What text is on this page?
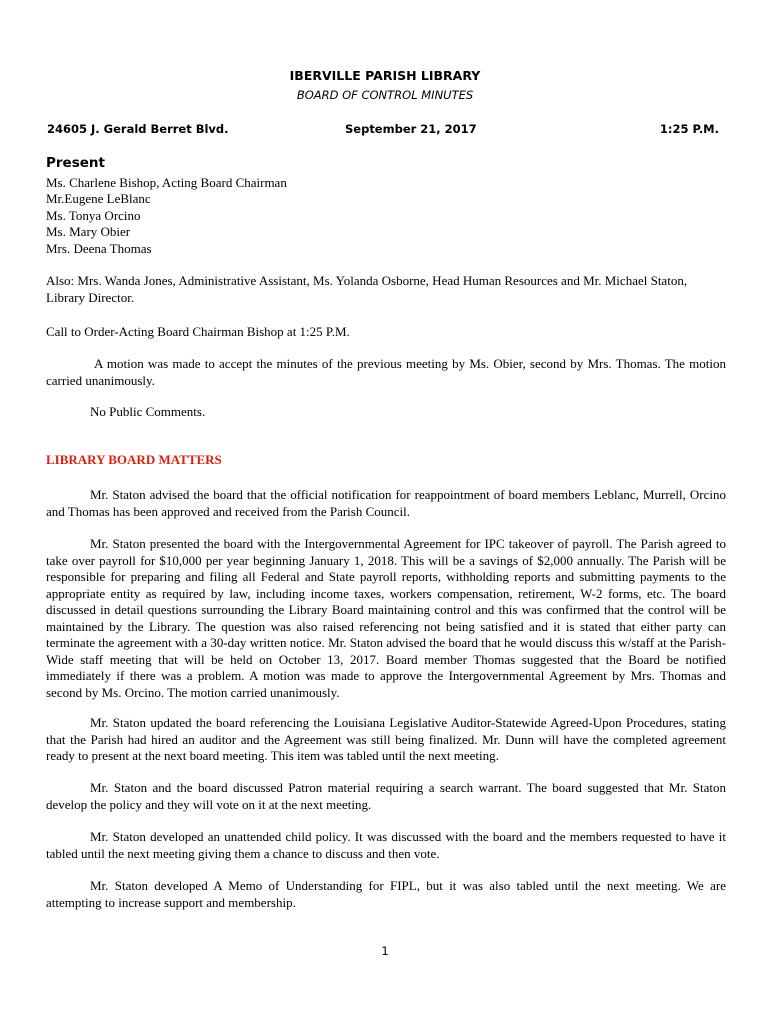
IBERVILLE PARISH LIBRARY
BOARD OF CONTROL MINUTES
24605 J. Gerald Berret Blvd.	September 21, 2017	1:25 P.M.
Present
Ms. Charlene Bishop, Acting Board Chairman
Mr.Eugene LeBlanc
Ms. Tonya Orcino
Ms. Mary Obier
Mrs. Deena Thomas

Also: Mrs. Wanda Jones, Administrative Assistant, Ms. Yolanda Osborne, Head Human Resources and Mr. Michael Staton, Library Director.

Call to Order-Acting Board Chairman Bishop at 1:25 P.M.

A motion was made to accept the minutes of the previous meeting by Ms. Obier, second by Mrs. Thomas. The motion carried unanimously.

No Public Comments.

LIBRARY BOARD MATTERS

Mr. Staton advised the board that the official notification for reappointment of board members Leblanc, Murrell, Orcino and Thomas has been approved and received from the Parish Council.

Mr. Staton presented the board with the Intergovernmental Agreement for IPC takeover of payroll. The Parish agreed to take over payroll for $10,000 per year beginning January 1, 2018. This will be a savings of $2,000 annually. The Parish will be responsible for preparing and filing all Federal and State payroll reports, withholding reports and submitting payments to the appropriate entity as required by law, including income taxes, workers compensation, retirement, W-2 forms, etc. The board discussed in detail questions surrounding the Library Board maintaining control and this was confirmed that the control will be maintained by the Library. The question was also raised referencing not being satisfied and it is stated that either party can terminate the agreement with a 30-day written notice. Mr. Staton advised the board that he would discuss this w/staff at the Parish-Wide staff meeting that will be held on October 13, 2017. Board member Thomas suggested that the Board be notified immediately if there was a problem. A motion was made to approve the Intergovernmental Agreement by Mrs. Thomas and second by Ms. Orcino. The motion carried unanimously.

Mr. Staton updated the board referencing the Louisiana Legislative Auditor-Statewide Agreed-Upon Procedures, stating that the Parish had hired an auditor and the Agreement was still being finalized. Mr. Dunn will have the completed agreement ready to present at the next board meeting. This item was tabled until the next meeting.

Mr. Staton and the board discussed Patron material requiring a search warrant. The board suggested that Mr. Staton develop the policy and they will vote on it at the next meeting.

Mr. Staton developed an unattended child policy. It was discussed with the board and the members requested to have it tabled until the next meeting giving them a chance to discuss and then vote.

Mr. Staton developed A Memo of Understanding for FIPL, but it was also tabled until the next meeting. We are attempting to increase support and membership.

1
